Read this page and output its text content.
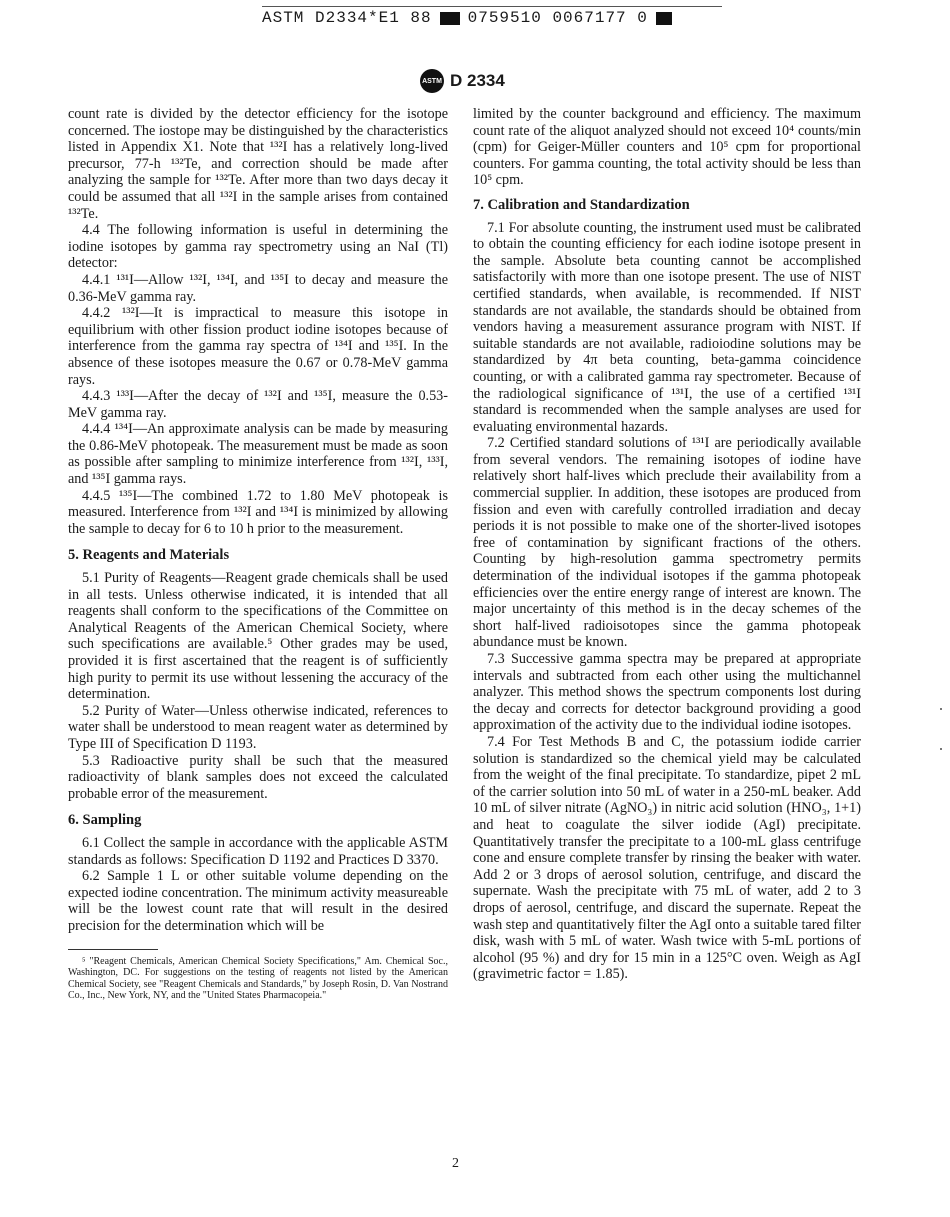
ASTM D2334*E1 88 0759510 0067177 0
ASTM D 2334

count rate is divided by the detector efficiency for the isotope concerned. The iostope may be distinguished by the characteristics listed in Appendix X1. Note that ¹³²I has a relatively long-lived precursor, 77-h ¹³²Te, and correction should be made after analyzing the sample for ¹³²Te. After more than two days decay it could be assumed that all ¹³²I in the sample arises from contained ¹³²Te.

4.4 The following information is useful in determining the iodine isotopes by gamma ray spectrometry using an NaI (Tl) detector:

4.4.1 ¹³¹I—Allow ¹³²I, ¹³⁴I, and ¹³⁵I to decay and measure the 0.36-MeV gamma ray.

4.4.2 ¹³²I—It is impractical to measure this isotope in equilibrium with other fission product iodine isotopes because of interference from the gamma ray spectra of ¹³⁴I and ¹³⁵I. In the absence of these isotopes measure the 0.67 or 0.78-MeV gamma rays.

4.4.3 ¹³³I—After the decay of ¹³²I and ¹³⁵I, measure the 0.53-MeV gamma ray.

4.4.4 ¹³⁴I—An approximate analysis can be made by measuring the 0.86-MeV photopeak. The measurement must be made as soon as possible after sampling to minimize interference from ¹³²I, ¹³³I, and ¹³⁵I gamma rays.

4.4.5 ¹³⁵I—The combined 1.72 to 1.80 MeV photopeak is measured. Interference from ¹³²I and ¹³⁴I is minimized by allowing the sample to decay for 6 to 10 h prior to the measurement.

5. Reagents and Materials

5.1 Purity of Reagents—Reagent grade chemicals shall be used in all tests. Unless otherwise indicated, it is intended that all reagents shall conform to the specifications of the Committee on Analytical Reagents of the American Chemical Society, where such specifications are available.⁵ Other grades may be used, provided it is first ascertained that the reagent is of sufficiently high purity to permit its use without lessening the accuracy of the determination.

5.2 Purity of Water—Unless otherwise indicated, references to water shall be understood to mean reagent water as determined by Type III of Specification D 1193.

5.3 Radioactive purity shall be such that the measured radioactivity of blank samples does not exceed the calculated probable error of the measurement.

6. Sampling

6.1 Collect the sample in accordance with the applicable ASTM standards as follows: Specification D 1192 and Practices D 3370.

6.2 Sample 1 L or other suitable volume depending on the expected iodine concentration. The minimum activity measureable will be the lowest count rate that will result in the desired precision for the determination which will be

⁵ "Reagent Chemicals, American Chemical Society Specifications," Am. Chemical Soc., Washington, DC. For suggestions on the testing of reagents not listed by the American Chemical Society, see "Reagent Chemicals and Standards," by Joseph Rosin, D. Van Nostrand Co., Inc., New York, NY, and the "United States Pharmacopeia."

limited by the counter background and efficiency. The maximum count rate of the aliquot analyzed should not exceed 10⁴ counts/min (cpm) for Geiger-Müller counters and 10⁵ cpm for proportional counters. For gamma counting, the total activity should be less than 10⁵ cpm.

7. Calibration and Standardization

7.1 For absolute counting, the instrument used must be calibrated to obtain the counting efficiency for each iodine isotope present in the sample. Absolute beta counting cannot be accomplished satisfactorily with more than one isotope present. The use of NIST certified standards, when available, is recommended. If NIST standards are not available, the standards should be obtained from vendors having a measurement assurance program with NIST. If suitable standards are not available, radioiodine solutions may be standardized by 4π beta counting, beta-gamma coincidence counting, or with a calibrated gamma ray spectrometer. Because of the radiological significance of ¹³¹I, the use of a certified ¹³¹I standard is recommended when the sample analyses are used for evaluating environmental hazards.

7.2 Certified standard solutions of ¹³¹I are periodically available from several vendors. The remaining isotopes of iodine have relatively short half-lives which preclude their availability from a commercial supplier. In addition, these isotopes are produced from fission and even with carefully controlled irradiation and decay periods it is not possible to make one of the shorter-lived isotopes free of contamination by significant fractions of the others. Counting by high-resolution gamma spectrometry permits determination of the individual isotopes if the gamma photopeak efficiencies over the entire energy range of interest are known. The major uncertainty of this method is in the decay schemes of the short half-lived radioisotopes since the gamma photopeak abundance must be known.

7.3 Successive gamma spectra may be prepared at appropriate intervals and subtracted from each other using the multichannel analyzer. This method shows the spectrum components lost during the decay and corrects for detector background providing a good approximation of the activity due to the individual iodine isotopes.

7.4 For Test Methods B and C, the potassium iodide carrier solution is standardized so the chemical yield may be calculated from the weight of the final precipitate. To standardize, pipet 2 mL of the carrier solution into 50 mL of water in a 250-mL beaker. Add 10 mL of silver nitrate (AgNO₃) in nitric acid solution (HNO₃, 1+1) and heat to coagulate the silver iodide (AgI) precipitate. Quantitatively transfer the precipitate to a 100-mL glass centrifuge cone and ensure complete transfer by rinsing the beaker with water. Add 2 or 3 drops of aerosol solution, centrifuge, and discard the supernate. Wash the precipitate with 75 mL of water, add 2 to 3 drops of aerosol, centrifuge, and discard the supernate. Repeat the wash step and quantitatively filter the AgI onto a suitable tared filter disk, wash with 5 mL of water. Wash twice with 5-mL portions of alcohol (95 %) and dry for 15 min in a 125°C oven. Weigh as AgI (gravimetric factor = 1.85).

2
